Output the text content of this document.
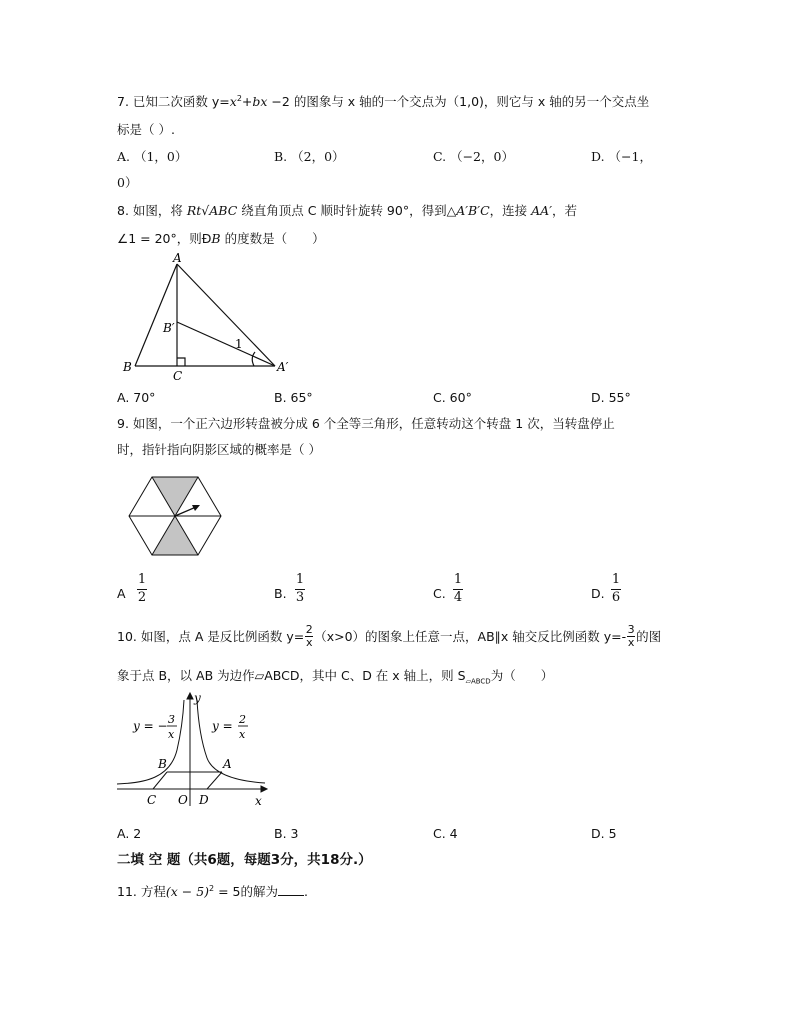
7. 已知二次函数 $y=x^2+bx -2$ 的图象与 x 轴的一个交点为（1,0)，则它与 x 轴的另一个交点坐
标是（ ）.
A. （1，0）	B. （2，0）	C. （−2，0）	D. （−1，
0）
8. 如图，将 Rt√ABC 绕直角顶点 C 顺时针旋转 90°，得到△A′B′C，连接 AA′，若
∠1 = 20°，则ÐB 的度数是（　　）
A
B
C
B′
A′
1
A. 70°	B. 65°	C. 60°	D. 55°
9. 如图，一个正六边形转盘被分成 6 个全等三角形，任意转动这个转盘 1 次，当转盘停止
时，指针指向阴影区域的概率是（ ）
A
1
2	B.
1
3	C.
1
4	D.
1
6
10. 如图，点 A 是反比例函数 y= 2
x （x>0）的图象上任意一点，AB∥x 轴交反比例函数 y=- 3
x 的图
象于点 B，以 AB 为边作▱ABCD，其中 C、D 在 x 轴上，则 $S_{▱ABCD}$为（　　）
y
x
B	A
C O D
y = − 3
x
y = 2
x
A. 2	B. 3	C. 4	D. 5
二填 空 题（共6题，每题3分，共18分.）
11. 方程$(x - 5)^2 = 5$的解为 .
